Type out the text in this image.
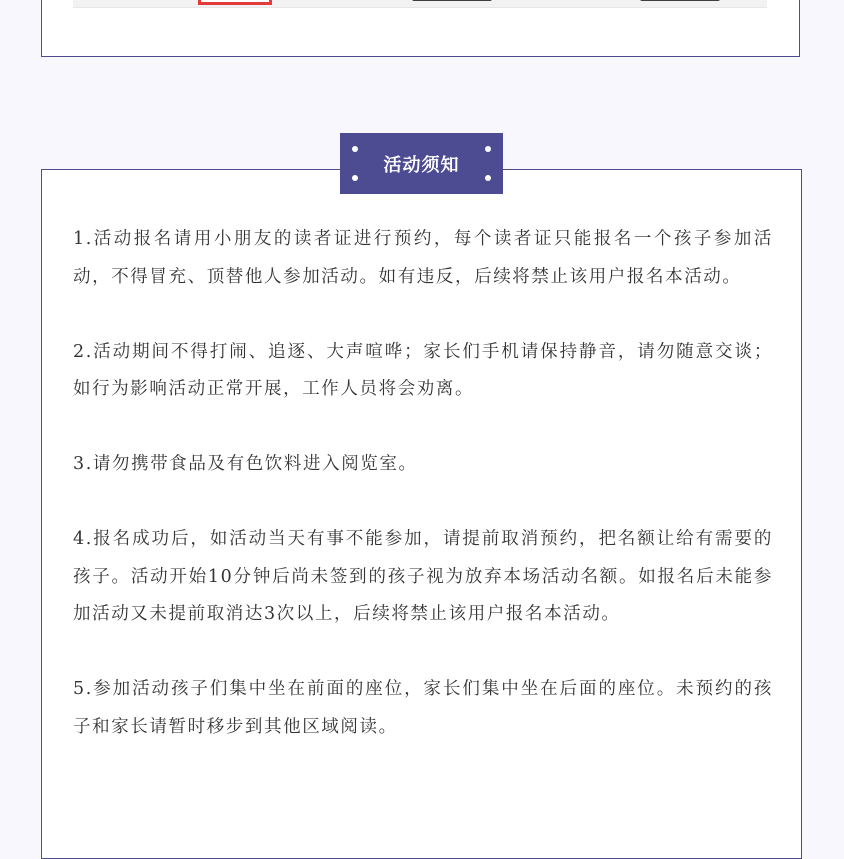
活动须知

1.活动报名请用小朋友的读者证进行预约，每个读者证只能报名一个孩子参加活动，不得冒充、顶替他人参加活动。如有违反，后续将禁止该用户报名本活动。

2.活动期间不得打闹、追逐、大声喧哗；家长们手机请保持静音，请勿随意交谈；如行为影响活动正常开展，工作人员将会劝离。

3.请勿携带食品及有色饮料进入阅览室。

4.报名成功后，如活动当天有事不能参加，请提前取消预约，把名额让给有需要的孩子。活动开始10分钟后尚未签到的孩子视为放弃本场活动名额。如报名后未能参加活动又未提前取消达3次以上，后续将禁止该用户报名本活动。

5.参加活动孩子们集中坐在前面的座位，家长们集中坐在后面的座位。未预约的孩子和家长请暂时移步到其他区域阅读。
